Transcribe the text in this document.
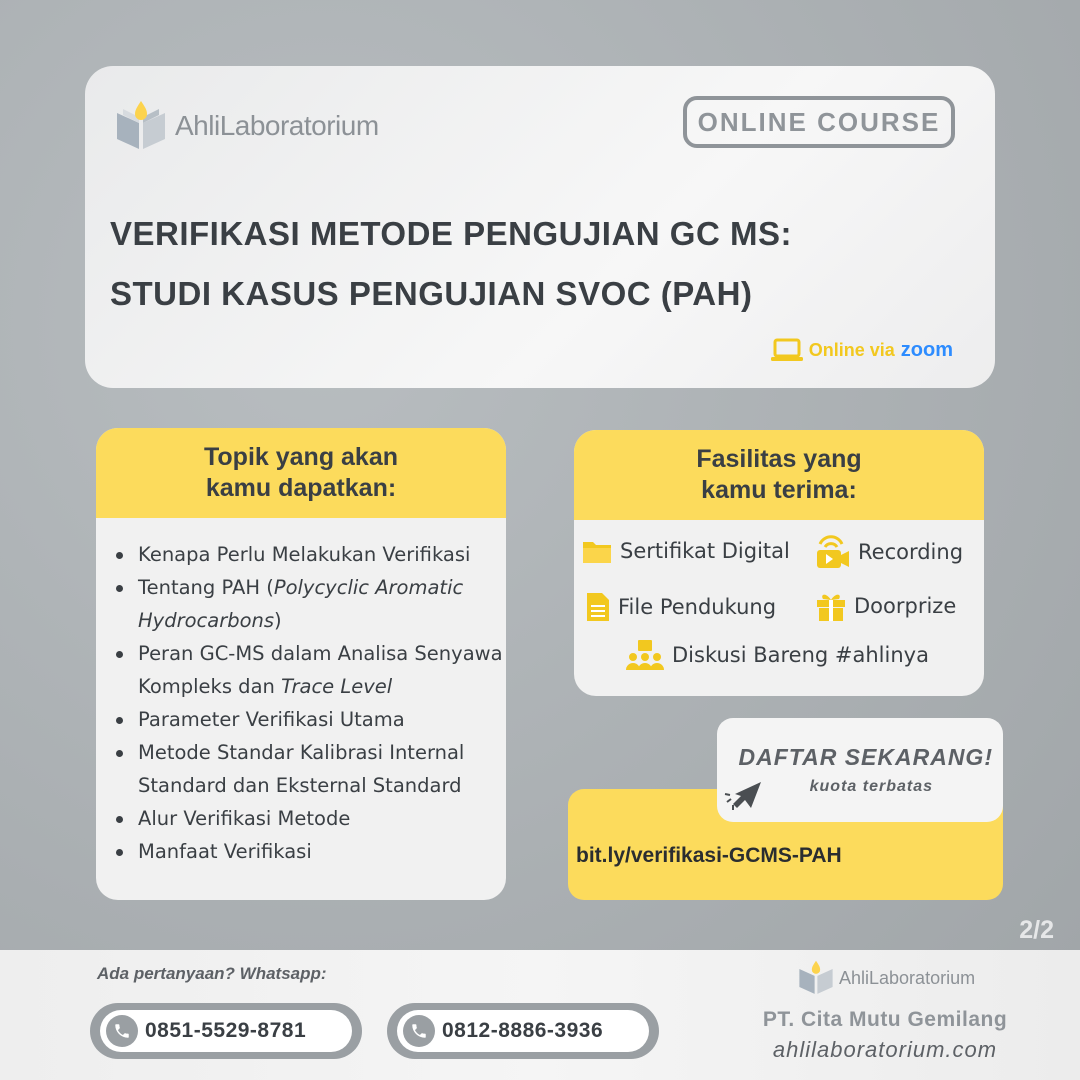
AhliLaboratorium	ONLINE COURSE
VERIFIKASI METODE PENGUJIAN GC MS:
STUDI KASUS PENGUJIAN SVOC (PAH)
Online via zoom
Topik yang akan
kamu dapatkan:
Kenapa Perlu Melakukan Verifikasi
Tentang PAH (Polycyclic Aromatic Hydrocarbons)
Peran GC-MS dalam Analisa Senyawa Kompleks dan Trace Level
Parameter Verifikasi Utama
Metode Standar Kalibrasi Internal Standard dan Eksternal Standard
Alur Verifikasi Metode
Manfaat Verifikasi
Fasilitas yang
kamu terima:
Sertifikat Digital	Recording
File Pendukung	Doorprize
Diskusi Bareng #ahlinya
bit.ly/verifikasi-GCMS-PAH
DAFTAR SEKARANG!
kuota terbatas
2/2
Ada pertanyaan? Whatsapp:
0851-5529-8781	0812-8886-3936
AhliLaboratorium
PT. Cita Mutu Gemilang
ahlilaboratorium.com
